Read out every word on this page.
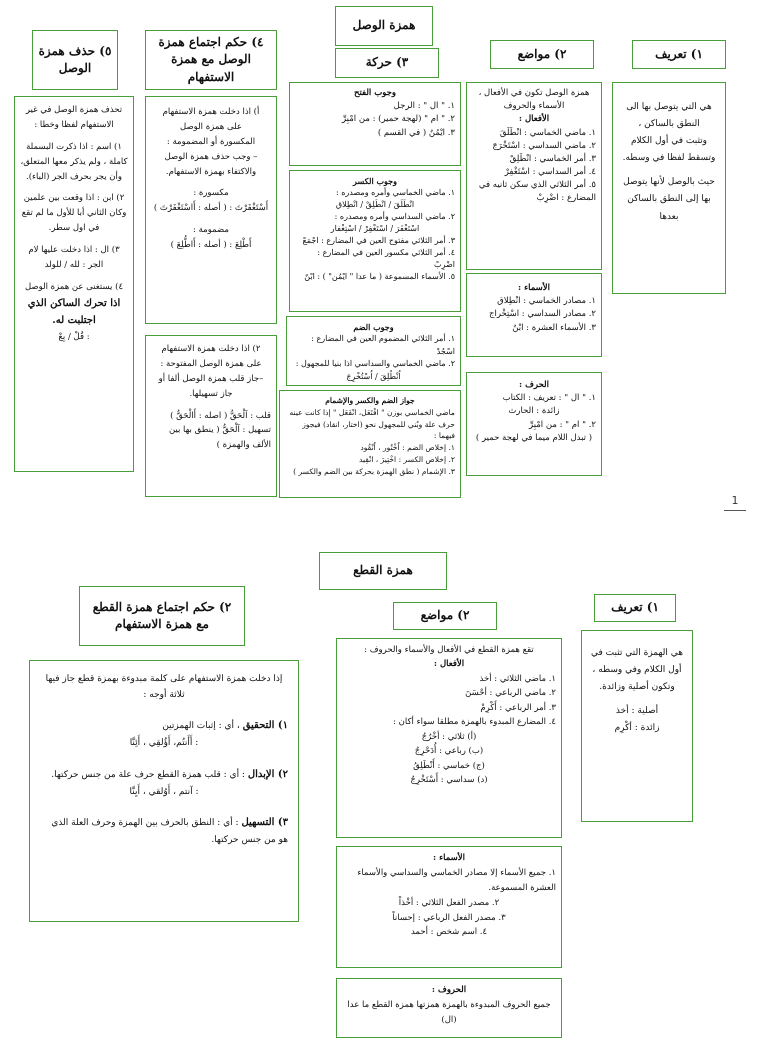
همزة الوصل
١) تعريف
٢) مواضع
٣) حركة
٤) حكم اجتماع همزة الوصل مع همزة الاستفهام
٥) حذف همزة الوصل
هي التي يتوصل بها الى النطق بالساكن ،
وتثبت في أول الكلام
وتسقط لفظا في وسطه.
حيث بالوصل لأنها يتوصل بها إلى النطق بالساكن بعدها
همزة الوصل تكون في الأفعال ، الأسماء والحروف
الأفعال :
١. ماضي الخماسي : انْطَلَقَ
٢. ماضي السداسي : اسْتَخْرَجَ
٣. أمر الخماسي : انْطَلِقْ
٤. أمر السداسي : اسْتَغْفِرْ
٥. أمر الثلاثي الذي سكن ثانيه في المضارع : اضْرِبْ
الأسماء :
١. مصادر الخماسي : انْطِلاق
٢. مصادر السداسي : اسْتِخْراج
٣. الأسماء العشرة : ابْنٌ
الحرف :
١. " ال " : تعريف : الكتاب
زائدة : الحارث
٢. " ام " : من امْبِرِّ
( تبدل اللام ميما في لهجة حمير )
وجوب الفتح
١. " ال " : الرجل
٢. " ام " (لهجة حمير) : من امْبِرِّ
٣. ايْمُنُ ( في القسم )
وجوب الكسر
١. ماضي الخماسي وأمره ومصدره :
انْطَلَقَ / انْطَلِقْ / انْطِلاق
٢. ماضي السداسي وأمره ومصدره :
اسْتَغْفَرَ / اسْتَغْفِرْ / اسْتِغْفار
٣. أمر الثلاثي مفتوح العين في المضارع : اجْمَعْ
٤. أمر الثلاثي مكسور العين في المضارع : اضْرِبْ
٥. الأسماء المسموعة ( ما عدا " ايْمُن" ) : ابْنٌ
وجوب الضم
١. أمر الثلاثي المضموم العين في المضارع : اسْجُدْ
٢. ماضي الخماسي والسداسي اذا بنيا للمجهول :
اُنْطُلِقَ / اُسْتُخْرِجَ
جواز الضم والكسر والإشمام
ماضي الخماسي بوزن " افْتَعَل، انْفَعَل " إذا كانت عينه
حرف علة وبُني للمجهول نحو (اختار، انقاد) فيجوز فيهما :
١. إخلاص الضم : اُخْتُور ، اُنْقُود
٢. إخلاص الكسر : اخْتِيرَ ، انْقِيد
٣. الإشمام ( نطق الهمزة بحركة بين الضم والكسر )
أ) اذا دخلت همزة الاستفهام
على همزة الوصل
المكسورة أو المضمومة :
– وجب حذف همزة الوصل
والاكتفاء بهمزة الاستفهام.
مكسورة :
أَسْتَغْفَرْتَ : ( أصله : أَاسْتَغْفَرْتَ )
مضمومة :
أَطْلِعَ : ( أصله : أَاطُّلِعَ )
٢) اذا دخلت همزة الاستفهام
على همزة الوصل المفتوحة :
–جاز قلب همزة الوصل ألفا أو
جاز تسهيلها.
قلب : آلْحَقُّ ( اصله : أَالْحَقُّ )
تسهيل : آلْحَقُّ ( ينطق بها بين الألف والهمزة )
تحذف همزة الوصل في غير الاستفهام لفظا وخطا :
١) اسم : اذا ذكرت البسملة كاملة ، ولم يذكر معها المتعلق، وأن يجر بحرف الجر (الباء).
٢) ابن : اذا وقعت بين علمين وكان الثاني أبا للأول ما لم تقع في اول سطر.
٣) ال : اذا دخلت عليها لام الجر : لله / للولد
٤) يستغنى عن همزة الوصل
اذا تحرك الساكن الذي اجتلبت له.
: قُلْ / بِعْ
1
همزة القطع
١) تعريف
٢) مواضع
٢) حكم اجتماع همزة القطع مع همزة الاستفهام
هي الهمزة التي تثبت في أول الكلام وفي وسطه ،
وتكون أصلية وزائدة.
أصلية : أخذ
زائدة : أكْرِم
تقع همزة القطع في الأفعال والأسماء والحروف :
الأفعال :
١. ماضي الثلاثي : أخذ
٢. ماضي الرباعي : أحْسَنَ
٣. أمر الرباعي : أَكْرِمْ
٤. المضارع المبدوء بالهمزة مطلقا سواء أكان :
(أ) ثلاثي : أخْرُجُ
(ب) رباعي : أُدَحْرِجُ
(ج) خماسي : أَنْطَلِقُ
(د) سداسي : أَسْتَخْرِجُ
الأسماء :
١. جميع الأسماء إلا مصادر الخماسي والسداسي والأسماء العشرة المسموعة.
٢. مصدر الفعل الثلاثي : أخْذاً
٣. مصدر الفعل الرباعي : إحساناً
٤. اسم شخص : أحمد
الحروف :
جميع الحروف المبدوءة بالهمزة همزتها همزة القطع ما عدا (ال)
إذا دخلت همزة الاستفهام على كلمة مبدوءة بهمزة قطع جاز فيها ثلاثة أوجه :
١) التحقيق ، أي : إثبات الهمزتين
: أَأَنتُم، أَؤُلقِي ، أَئِنَّا
٢) الإبدال : أي : قلب همزة القطع حرف علة من جنس حركتها.
: آنتم ، أَوُلقي ، أَيِنَّا
٣) التسهيل : أي : النطق بالحرف بين الهمزة وحرف العلة الذي هو من جنس حركتها.
